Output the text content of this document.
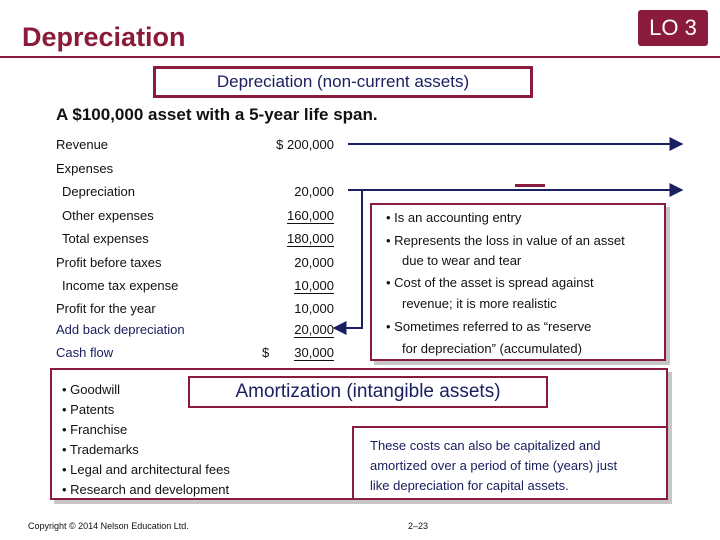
Depreciation	LO 3
Depreciation (non-current assets)
A $100,000 asset with a 5-year life span.
Revenue	$ 200,000
Expenses
Depreciation	20,000
Other expenses	160,000
Total expenses	180,000
Profit before taxes	20,000
Income tax expense	10,000
Profit for the year	10,000
Add back depreciation	20,000
Cash flow	$	30,000

• Is an accounting entry

• Represents the loss in value of an asset

due to wear and tear

• Cost of the asset is spread against

revenue; it is more realistic

• Sometimes referred to as “reserve

for depreciation” (accumulated)

• Goodwill
• Patents
• Franchise
• Trademarks
• Legal and architectural fees
• Research and development
Amortization (intangible assets)
These costs can also be capitalized and
amortized over a period of time (years) just
like depreciation for capital assets.
Copyright © 2014 Nelson Education Ltd.	2–23
